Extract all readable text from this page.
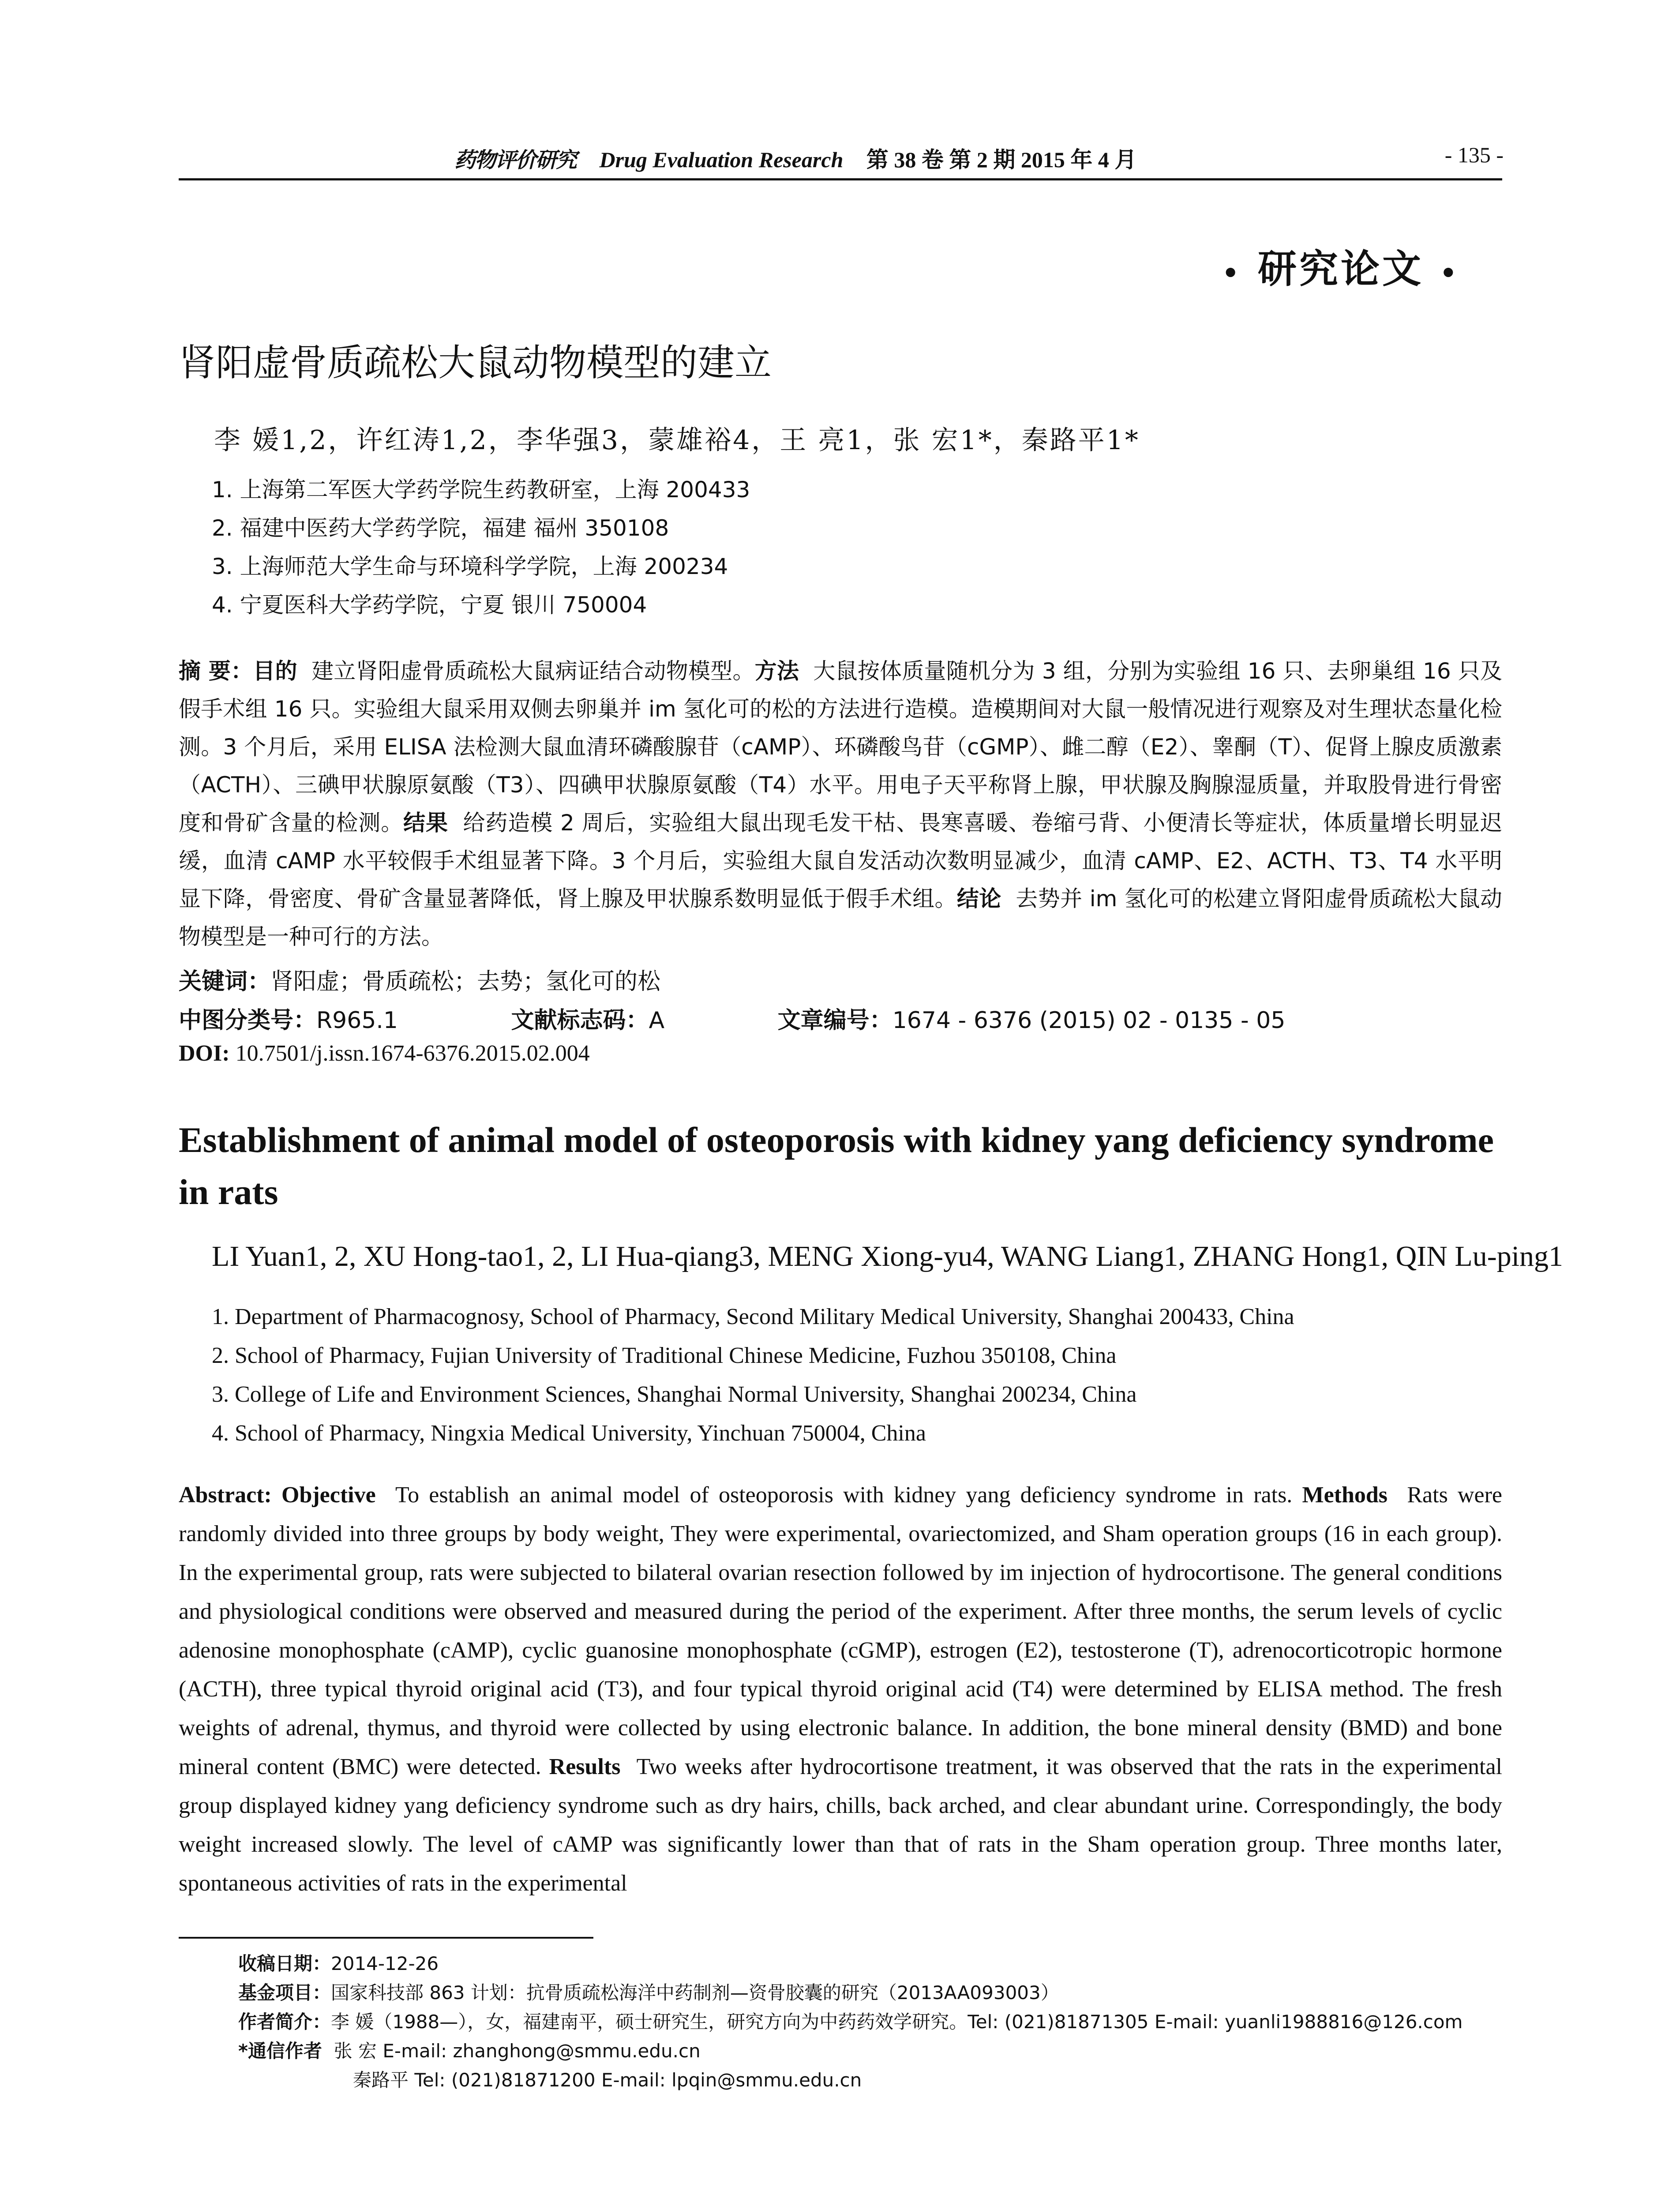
药物评价研究 Drug Evaluation Research 第 38 卷 第 2 期 2015 年 4 月	- 135 -
• 研究论文 •
肾阳虚骨质疏松大鼠动物模型的建立
李 媛1,2，许红涛1,2，李华强3，蒙雄裕4，王 亮1，张 宏1*，秦路平1*
1. 上海第二军医大学药学院生药教研室，上海 200433
2. 福建中医药大学药学院，福建 福州 350108
3. 上海师范大学生命与环境科学学院，上海 200234
4. 宁夏医科大学药学院，宁夏 银川 750004
摘 要：目的 建立肾阳虚骨质疏松大鼠病证结合动物模型。方法 大鼠按体质量随机分为 3 组，分别为实验组 16 只、去卵巢组 16 只及假手术组 16 只。实验组大鼠采用双侧去卵巢并 im 氢化可的松的方法进行造模。造模期间对大鼠一般情况进行观察及对生理状态量化检测。3 个月后，采用 ELISA 法检测大鼠血清环磷酸腺苷（cAMP）、环磷酸鸟苷（cGMP）、雌二醇（E2）、睾酮（T）、促肾上腺皮质激素（ACTH）、三碘甲状腺原氨酸（T3）、四碘甲状腺原氨酸（T4）水平。用电子天平称肾上腺，甲状腺及胸腺湿质量，并取股骨进行骨密度和骨矿含量的检测。结果 给药造模 2 周后，实验组大鼠出现毛发干枯、畏寒喜暖、卷缩弓背、小便清长等症状，体质量增长明显迟缓，血清 cAMP 水平较假手术组显著下降。3 个月后，实验组大鼠自发活动次数明显减少，血清 cAMP、E2、ACTH、T3、T4 水平明显下降，骨密度、骨矿含量显著降低，肾上腺及甲状腺系数明显低于假手术组。结论 去势并 im 氢化可的松建立肾阳虚骨质疏松大鼠动物模型是一种可行的方法。
关键词：肾阳虚；骨质疏松；去势；氢化可的松
中图分类号：R965.1	文献标志码：A	文章编号：1674 - 6376 (2015) 02 - 0135 - 05
DOI: 10.7501/j.issn.1674-6376.2015.02.004
Establishment of animal model of osteoporosis with kidney yang deficiency syndrome in rats
LI Yuan1, 2, XU Hong-tao1, 2, LI Hua-qiang3, MENG Xiong-yu4, WANG Liang1, ZHANG Hong1, QIN Lu-ping1
1. Department of Pharmacognosy, School of Pharmacy, Second Military Medical University, Shanghai 200433, China
2. School of Pharmacy, Fujian University of Traditional Chinese Medicine, Fuzhou 350108, China
3. College of Life and Environment Sciences, Shanghai Normal University, Shanghai 200234, China
4. School of Pharmacy, Ningxia Medical University, Yinchuan 750004, China
Abstract: Objective To establish an animal model of osteoporosis with kidney yang deficiency syndrome in rats. Methods Rats were randomly divided into three groups by body weight, They were experimental, ovariectomized, and Sham operation groups (16 in each group). In the experimental group, rats were subjected to bilateral ovarian resection followed by im injection of hydrocortisone. The general conditions and physiological conditions were observed and measured during the period of the experiment. After three months, the serum levels of cyclic adenosine monophosphate (cAMP), cyclic guanosine monophosphate (cGMP), estrogen (E2), testosterone (T), adrenocorticotropic hormone (ACTH), three typical thyroid original acid (T3), and four typical thyroid original acid (T4) were determined by ELISA method. The fresh weights of adrenal, thymus, and thyroid were collected by using electronic balance. In addition, the bone mineral density (BMD) and bone mineral content (BMC) were detected. Results Two weeks after hydrocortisone treatment, it was observed that the rats in the experimental group displayed kidney yang deficiency syndrome such as dry hairs, chills, back arched, and clear abundant urine. Correspondingly, the body weight increased slowly. The level of cAMP was significantly lower than that of rats in the Sham operation group. Three months later, spontaneous activities of rats in the experimental
收稿日期：2014-12-26
基金项目：国家科技部 863 计划：抗骨质疏松海洋中药制剂—资骨胶囊的研究（2013AA093003）
作者简介：李 媛（1988—），女，福建南平，硕士研究生，研究方向为中药药效学研究。Tel: (021)81871305 E-mail: yuanli1988816@126.com
*通信作者 张 宏 E-mail: zhanghong@smmu.edu.cn
秦路平 Tel: (021)81871200 E-mail: lpqin@smmu.edu.cn
